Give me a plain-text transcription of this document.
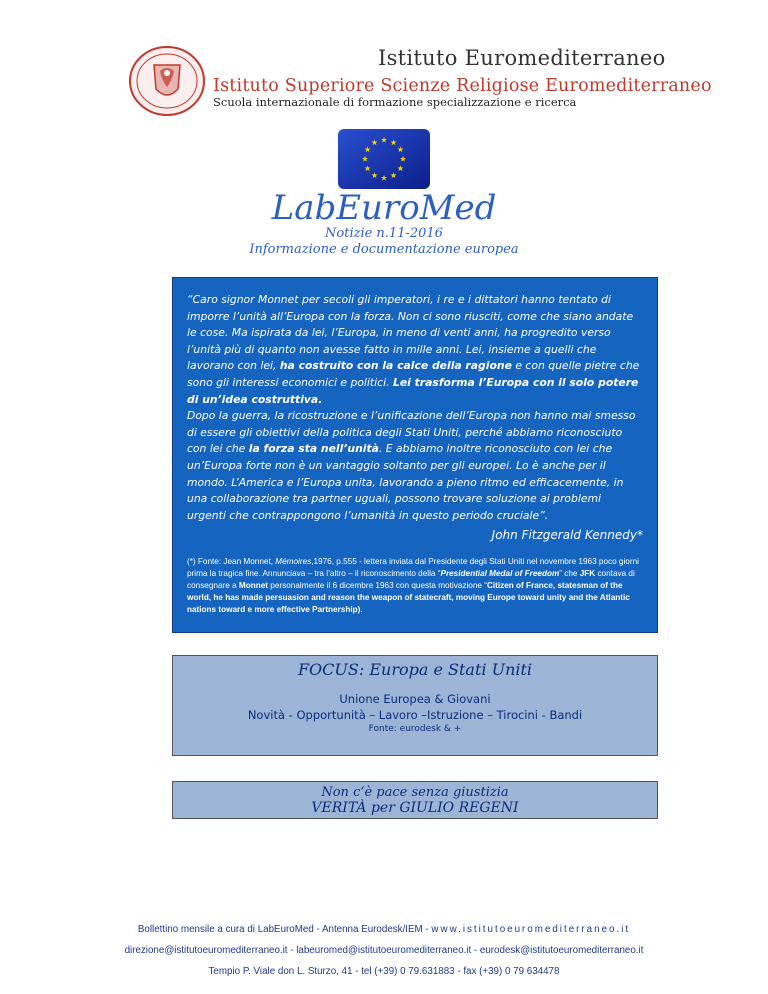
Istituto Euromediterraneo
Istituto Superiore Scienze Religiose Euromediterraneo
Scuola internazionale di formazione specializzazione e ricerca
LabEuroMed
Notizie n.11-2016
Informazione e documentazione europea

“Caro signor Monnet per secoli gli imperatori, i re e i dittatori hanno tentato di imporre l’unità all’Europa con la forza. Non ci sono riusciti, come che siano andate le cose. Ma ispirata da lei, l’Europa, in meno di venti anni, ha progredito verso l’unità più di quanto non avesse fatto in mille anni. Lei, insieme a quelli che lavorano con lei, ha costruito con la calce della ragione e con quelle pietre che sono gli interessi economici e politici. Lei trasforma l’Europa con il solo potere di un’idea costruttiva.
Dopo la guerra, la ricostruzione e l’unificazione dell’Europa non hanno mai smesso di essere gli obiettivi della politica degli Stati Uniti, perché abbiamo riconosciuto con lei che la forza sta nell’unità. E abbiamo inoltre riconosciuto con lei che un’Europa forte non è un vantaggio soltanto per gli europei. Lo è anche per il mondo. L’America e l’Europa unita, lavorando a pieno ritmo ed efficacemente, in una collaborazione tra partner uguali, possono trovare soluzione ai problemi urgenti che contrappongono l’umanità in questo periodo cruciale”.

John Fitzgerald Kennedy*
(*) Fonte: Jean Monnet, Mémoires,1976, p.555 - lettera inviata dal Presidente degli Stati Uniti nel novembre 1963 poco giorni prima la tragica fine. Annunciava – tra l’altro – il riconoscimento della “Presidential Medal of Freedom” che JFK contava di consegnare a Monnet personalmente il 6 dicembre 1963 con questa motivazione “Citizen of France, statesman of the world, he has made persuasion and reason the weapon of statecraft, moving Europe toward unity and the Atlantic nations toward e more effective Partnership).
FOCUS: Europa e Stati Uniti
Unione Europea & Giovani
Novità - Opportunità – Lavoro –Istruzione – Tirocini - Bandi
Fonte: eurodesk & +
Non c’è pace senza giustizia
VERITÀ per GIULIO REGENI
Bollettino mensile a cura di LabEuroMed - Antenna Eurodesk/IEM - www.istitutoeuromediterraneo.it
direzione@istitutoeuromediterraneo.it - labeuromed@istitutoeuromediterraneo.it - eurodesk@istitutoeuromediterraneo.it
Tempio P. Viale don L. Sturzo, 41 - tel (+39) 0 79.631883 - fax (+39) 0 79 634478
